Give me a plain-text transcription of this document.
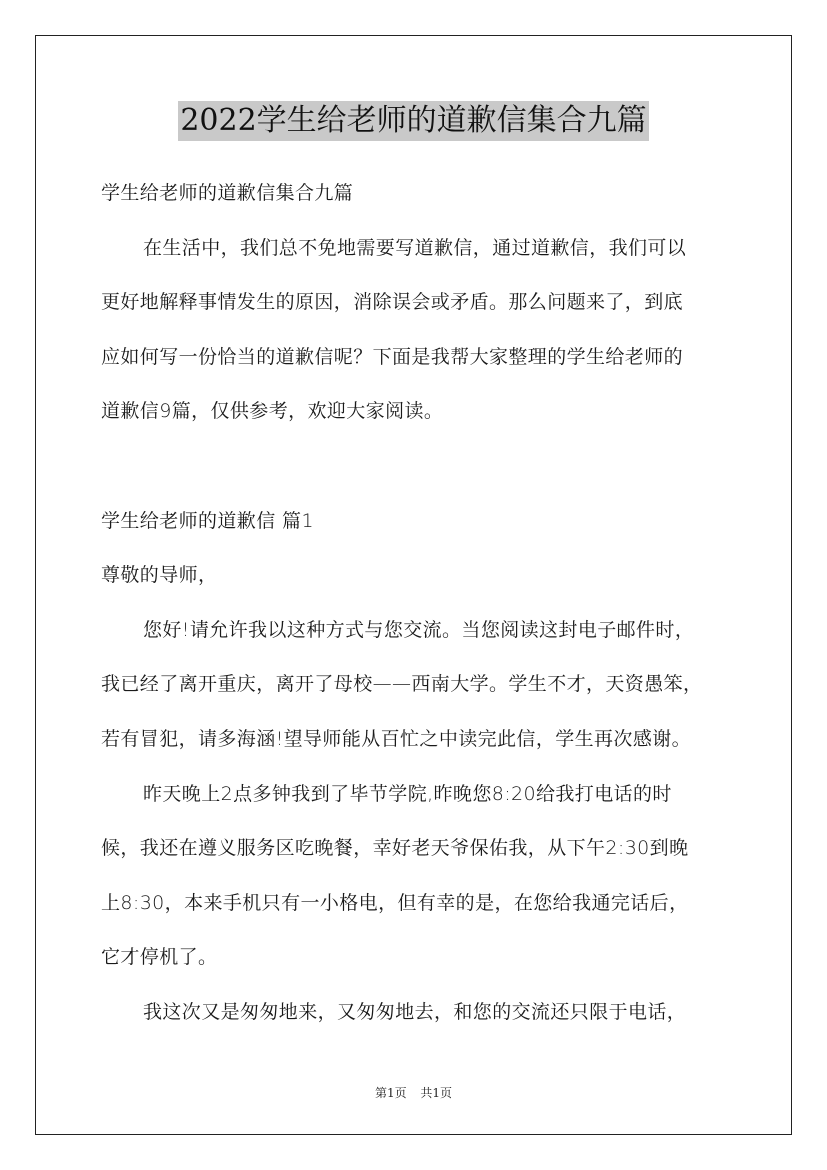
2022学生给老师的道歉信集合九篇
学生给老师的道歉信集合九篇
在生活中，我们总不免地需要写道歉信，通过道歉信，我们可以
更好地解释事情发生的原因，消除误会或矛盾。那么问题来了，到底
应如何写一份恰当的道歉信呢？下面是我帮大家整理的学生给老师的
道歉信9篇，仅供参考，欢迎大家阅读。
学生给老师的道歉信 篇1
尊敬的导师，
您好!请允许我以这种方式与您交流。当您阅读这封电子邮件时，
我已经了离开重庆，离开了母校——西南大学。学生不才，天资愚笨，
若有冒犯，请多海涵!望导师能从百忙之中读完此信，学生再次感谢。
昨天晚上2点多钟我到了毕节学院,昨晚您8:20给我打电话的时
候，我还在遵义服务区吃晚餐，幸好老天爷保佑我，从下午2:30到晚
上8:30，本来手机只有一小格电，但有幸的是，在您给我通完话后，
它才停机了。
我这次又是匆匆地来，又匆匆地去，和您的交流还只限于电话，
第1页 共1页
